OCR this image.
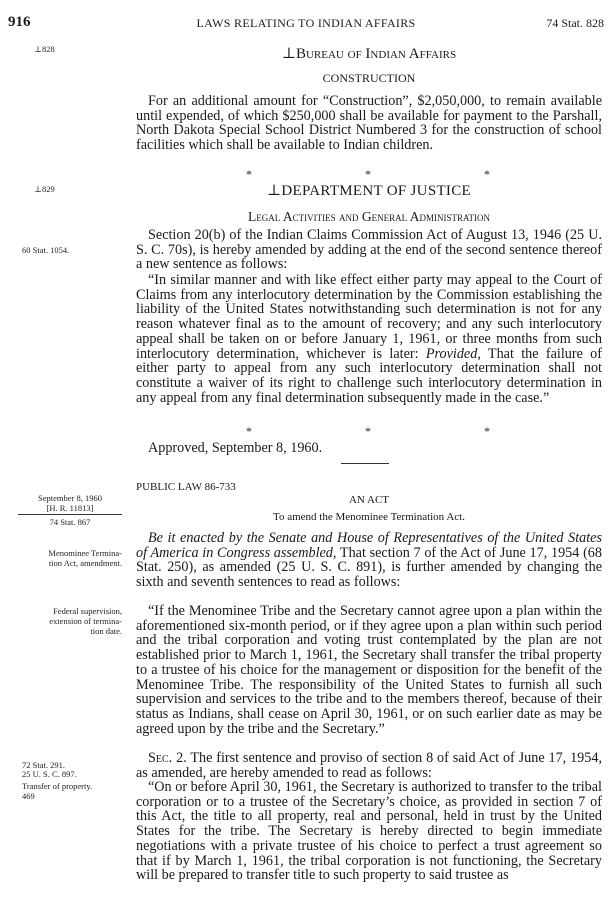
916	LAWS RELATING TO INDIAN AFFAIRS	74 Stat. 828
⊥828
⊥829
60 Stat. 1054.
September 8, 1960
[H. R. 11813]
74 Stat. 867
Menominee Termina-
tion Act, amendment.
Federal supervision,
extension of termina-
tion date.
72 Stat. 291.
25 U. S. C. 897.
Transfer of property.
469
⊥Bureau of Indian Affairs
CONSTRUCTION

For an additional amount for “Construction”, $2,050,000, to remain available until expended, of which $250,000 shall be available for payment to the Parshall, North Dakota Special School District Numbered 3 for the construction of school facilities which shall be available to Indian children.

*	*	*
⊥DEPARTMENT OF JUSTICE
Legal Activities and General Administration

Section 20(b) of the Indian Claims Commission Act of August 13, 1946 (25 U. S. C. 70s), is hereby amended by adding at the end of the second sentence thereof a new sentence as follows:

“In similar manner and with like effect either party may appeal to the Court of Claims from any interlocutory determination by the Commission establishing the liability of the United States notwithstanding such determination is not for any reason whatever final as to the amount of recovery; and any such interlocutory appeal shall be taken on or before January 1, 1961, or three months from such interlocutory determination, whichever is later: Provided, That the failure of either party to appeal from any such interlocutory determination shall not constitute a waiver of its right to challenge such interlocutory determination in any appeal from any final determination subsequently made in the case.”

*	*	*

Approved, September 8, 1960.

PUBLIC LAW 86-733
AN ACT
To amend the Menominee Termination Act.

Be it enacted by the Senate and House of Representatives of the United States of America in Congress assembled, That section 7 of the Act of June 17, 1954 (68 Stat. 250), as amended (25 U. S. C. 891), is further amended by changing the sixth and seventh sentences to read as follows:

“If the Menominee Tribe and the Secretary cannot agree upon a plan within the aforementioned six-month period, or if they agree upon a plan within such period and the tribal corporation and voting trust contemplated by the plan are not established prior to March 1, 1961, the Secretary shall transfer the tribal property to a trustee of his choice for the management or disposition for the benefit of the Menominee Tribe. The responsibility of the United States to furnish all such supervision and services to the tribe and to the members thereof, because of their status as Indians, shall cease on April 30, 1961, or on such earlier date as may be agreed upon by the tribe and the Secretary.”

Sec. 2. The first sentence and proviso of section 8 of said Act of June 17, 1954, as amended, are hereby amended to read as follows:

“On or before April 30, 1961, the Secretary is authorized to transfer to the tribal corporation or to a trustee of the Secretary’s choice, as provided in section 7 of this Act, the title to all property, real and personal, held in trust by the United States for the tribe. The Secretary is hereby directed to begin immediate negotiations with a private trustee of his choice to perfect a trust agreement so that if by March 1, 1961, the tribal corporation is not functioning, the Secretary will be prepared to transfer title to such property to said trustee as
